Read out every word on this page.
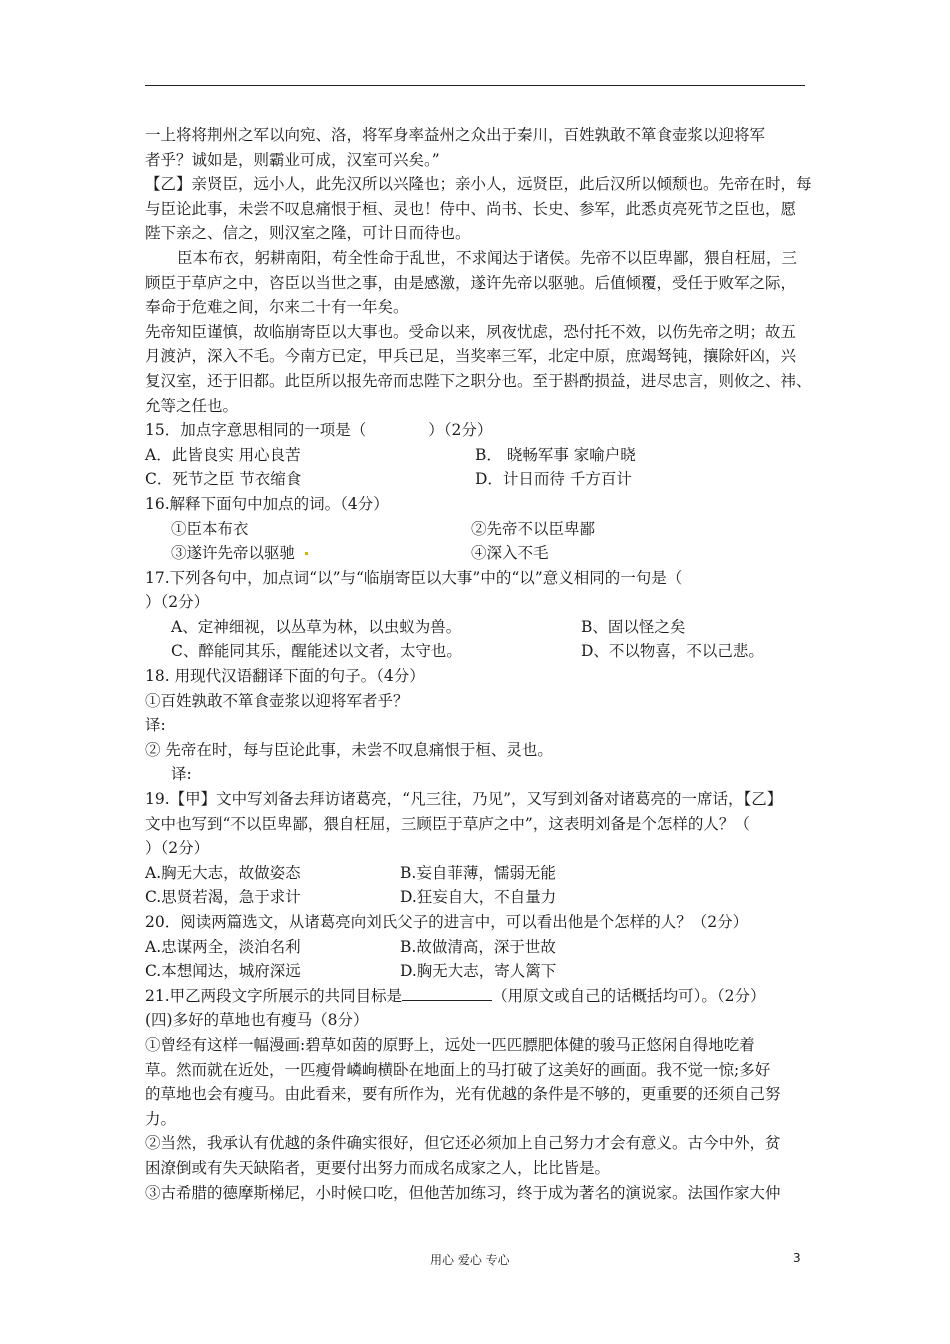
一上将将荆州之军以向宛、洛，将军身率益州之众出于秦川，百姓孰敢不箪食壶浆以迎将军
者乎？诚如是，则霸业可成，汉室可兴矣。”
【乙】亲贤臣，远小人，此先汉所以兴隆也；亲小人，远贤臣，此后汉所以倾颓也。先帝在时，每
与臣论此事，未尝不叹息痛恨于桓、灵也！侍中、尚书、长史、参军，此悉贞亮死节之臣也，愿
陛下亲之、信之，则汉室之隆，可计日而待也。
臣本布衣，躬耕南阳，苟全性命于乱世，不求闻达于诸侯。先帝不以臣卑鄙，猥自枉屈，三
顾臣于草庐之中，咨臣以当世之事，由是感激，遂许先帝以驱驰。后值倾覆，受任于败军之际，
奉命于危难之间，尔来二十有一年矣。
先帝知臣谨慎，故临崩寄臣以大事也。受命以来，夙夜忧虑，恐付托不效，以伤先帝之明；故五
月渡泸，深入不毛。今南方已定，甲兵已足，当奖率三军，北定中原，庶竭驽钝，攘除奸凶，兴
复汉室，还于旧都。此臣所以报先帝而忠陛下之职分也。至于斟酌损益，进尽忠言，则攸之、祎、
允等之任也。
15．加点字意思相同的一项是（　　　　）（2分）
A．此皆良实 用心良苦	B． 晓畅军事 家喻户晓
C．死节之臣 节衣缩食	D．计日而待 千方百计
16.解释下面句中加点的词。（4分）
①臣本布衣	②先帝不以臣卑鄙
③遂许先帝以驱驰	④深入不毛
17.下列各句中，加点词“以”与“临崩寄臣以大事”中的“以”意义相同的一句是（
）（2分）
A、定神细视，以丛草为林，以虫蚁为兽。	B、固以怪之矣
C、醉能同其乐，醒能述以文者，太守也。	D、不以物喜，不以己悲。
18. 用现代汉语翻译下面的句子。（4分）
①百姓孰敢不箪食壶浆以迎将军者乎？
译:
② 先帝在时，每与臣论此事，未尝不叹息痛恨于桓、灵也。
译:
19.【甲】文中写刘备去拜访诸葛亮，“凡三往，乃见”，又写到刘备对诸葛亮的一席话，【乙】
文中也写到“不以臣卑鄙，猥自枉屈，三顾臣于草庐之中”，这表明刘备是个怎样的人？（
）（2分）
A.胸无大志，故做姿态	B.妄自菲薄，懦弱无能
C.思贤若渴，急于求计	D.狂妄自大，不自量力
20．阅读两篇选文，从诸葛亮向刘氏父子的进言中，可以看出他是个怎样的人？（2分）
A.忠谋两全，淡泊名利	B.故做清高，深于世故
C.本想闻达，城府深远	D.胸无大志，寄人篱下
21.甲乙两段文字所展示的共同目标是	（用原文或自己的话概括均可）。（2分）
(四)多好的草地也有瘦马（8分）
①曾经有这样一幅漫画:碧草如茵的原野上，远处一匹匹膘肥体健的骏马正悠闲自得地吃着
草。然而就在近处，一匹瘦骨嶙峋横卧在地面上的马打破了这美好的画面。我不觉一惊;多好
的草地也会有瘦马。由此看来，要有所作为，光有优越的条件是不够的，更重要的还须自己努
力。
②当然，我承认有优越的条件确实很好，但它还必须加上自己努力才会有意义。古今中外，贫
困潦倒或有失天缺陷者，更要付出努力而成名成家之人，比比皆是。
③古希腊的德摩斯梯尼，小时候口吃，但他苦加练习，终于成为著名的演说家。法国作家大仲
用心 爱心 专心	3
